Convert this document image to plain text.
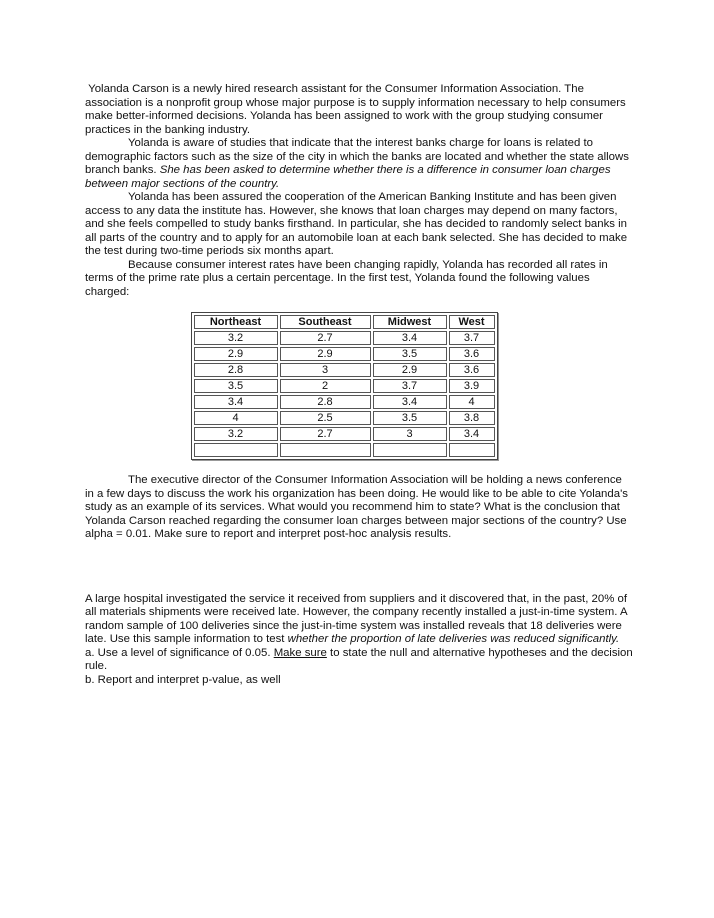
Yolanda Carson is a newly hired research assistant for the Consumer Information Association. The association is a nonprofit group whose major purpose is to supply information necessary to help consumers make better-informed decisions. Yolanda has been assigned to work with the group studying consumer practices in the banking industry.

Yolanda is aware of studies that indicate that the interest banks charge for loans is related to demographic factors such as the size of the city in which the banks are located and whether the state allows branch banks. She has been asked to determine whether there is a difference in consumer loan charges between major sections of the country.

Yolanda has been assured the cooperation of the American Banking Institute and has been given access to any data the institute has. However, she knows that loan charges may depend on many factors, and she feels compelled to study banks firsthand. In particular, she has decided to randomly select banks in all parts of the country and to apply for an automobile loan at each bank selected. She has decided to make the test during two-time periods six months apart.

Because consumer interest rates have been changing rapidly, Yolanda has recorded all rates in terms of the prime rate plus a certain percentage. In the first test, Yolanda found the following values charged:

Northeast	Southeast	Midwest	West
3.2	2.7	3.4	3.7
2.9	2.9	3.5	3.6
2.8	3	2.9	3.6
3.5	2	3.7	3.9
3.4	2.8	3.4	4
4	2.5	3.5	3.8
3.2	2.7	3	3.4

The executive director of the Consumer Information Association will be holding a news conference in a few days to discuss the work his organization has been doing. He would like to be able to cite Yolanda's study as an example of its services. What would you recommend him to state? What is the conclusion that Yolanda Carson reached regarding the consumer loan charges between major sections of the country? Use alpha = 0.01. Make sure to report and interpret post-hoc analysis results.

A large hospital investigated the service it received from suppliers and it discovered that, in the past, 20% of all materials shipments were received late. However, the company recently installed a just-in-time system. A random sample of 100 deliveries since the just-in-time system was installed reveals that 18 deliveries were late. Use this sample information to test whether the proportion of late deliveries was reduced significantly.

a. Use a level of significance of 0.05. Make sure to state the null and alternative hypotheses and the decision rule.

b. Report and interpret p-value, as well
